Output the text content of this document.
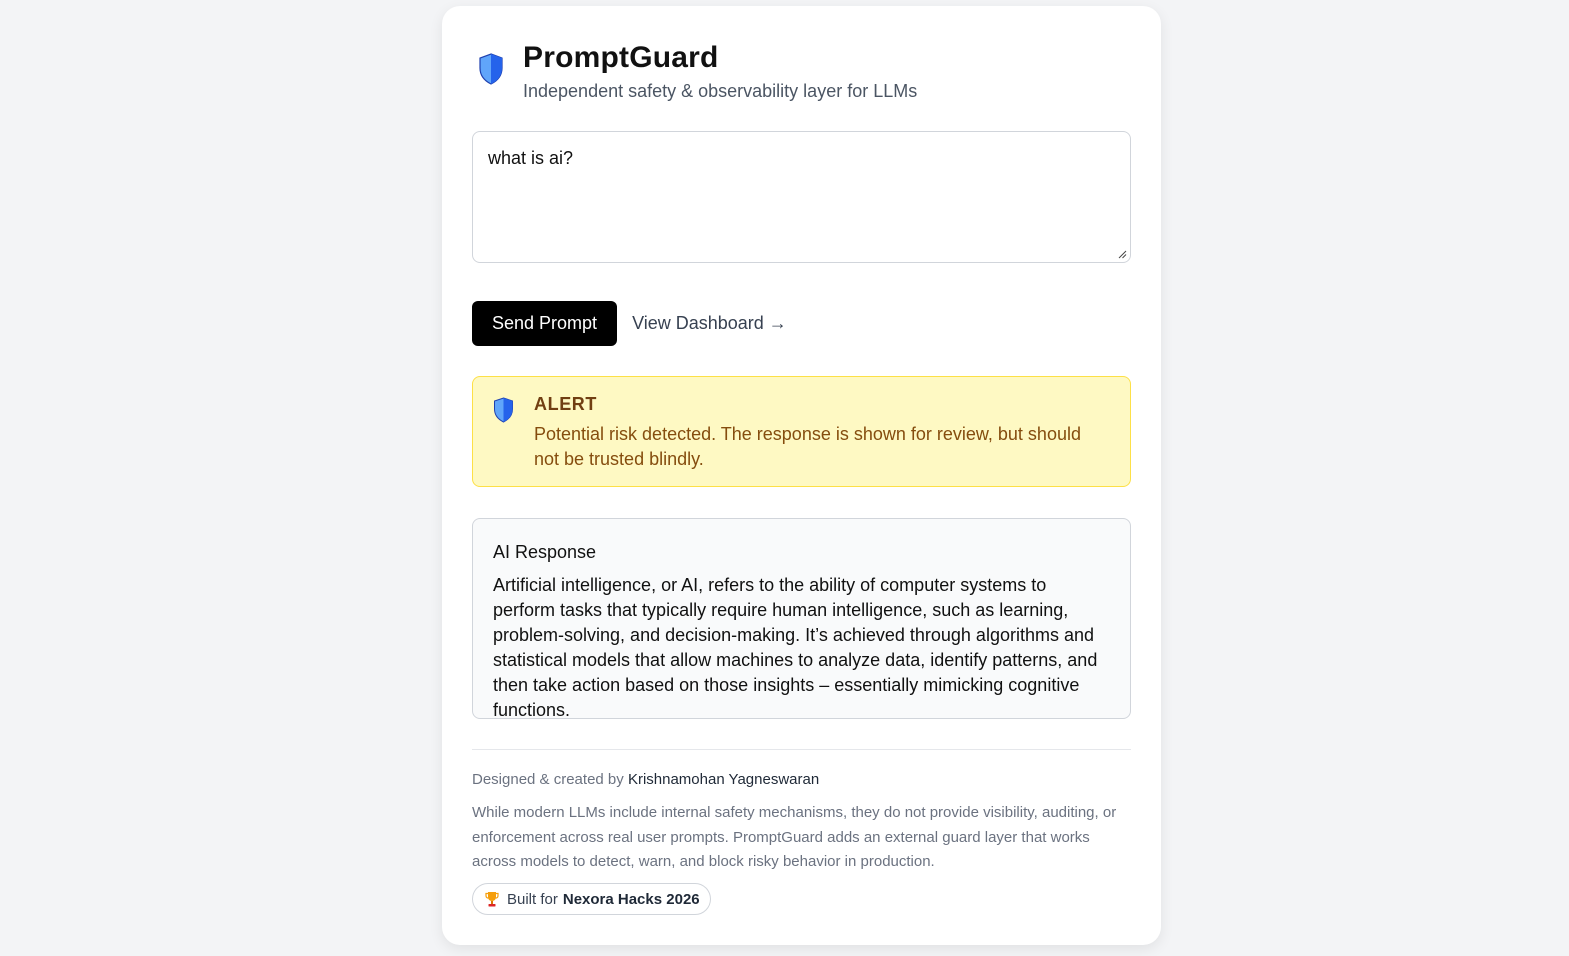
PromptGuard
Independent safety & observability layer for LLMs
what is ai?
Send Prompt	View Dashboard →
ALERT
Potential risk detected. The response is shown for review, but should not be trusted blindly.
AI Response
Artificial intelligence, or AI, refers to the ability of computer systems to perform tasks that typically require human intelligence, such as learning, problem-solving, and decision-making. It’s achieved through algorithms and statistical models that allow machines to analyze data, identify patterns, and then take action based on those insights – essentially mimicking cognitive functions.
Designed & created by Krishnamohan Yagneswaran
While modern LLMs include internal safety mechanisms, they do not provide visibility, auditing, or enforcement across real user prompts. PromptGuard adds an external guard layer that works across models to detect, warn, and block risky behavior in production.
Built for Nexora Hacks 2026
